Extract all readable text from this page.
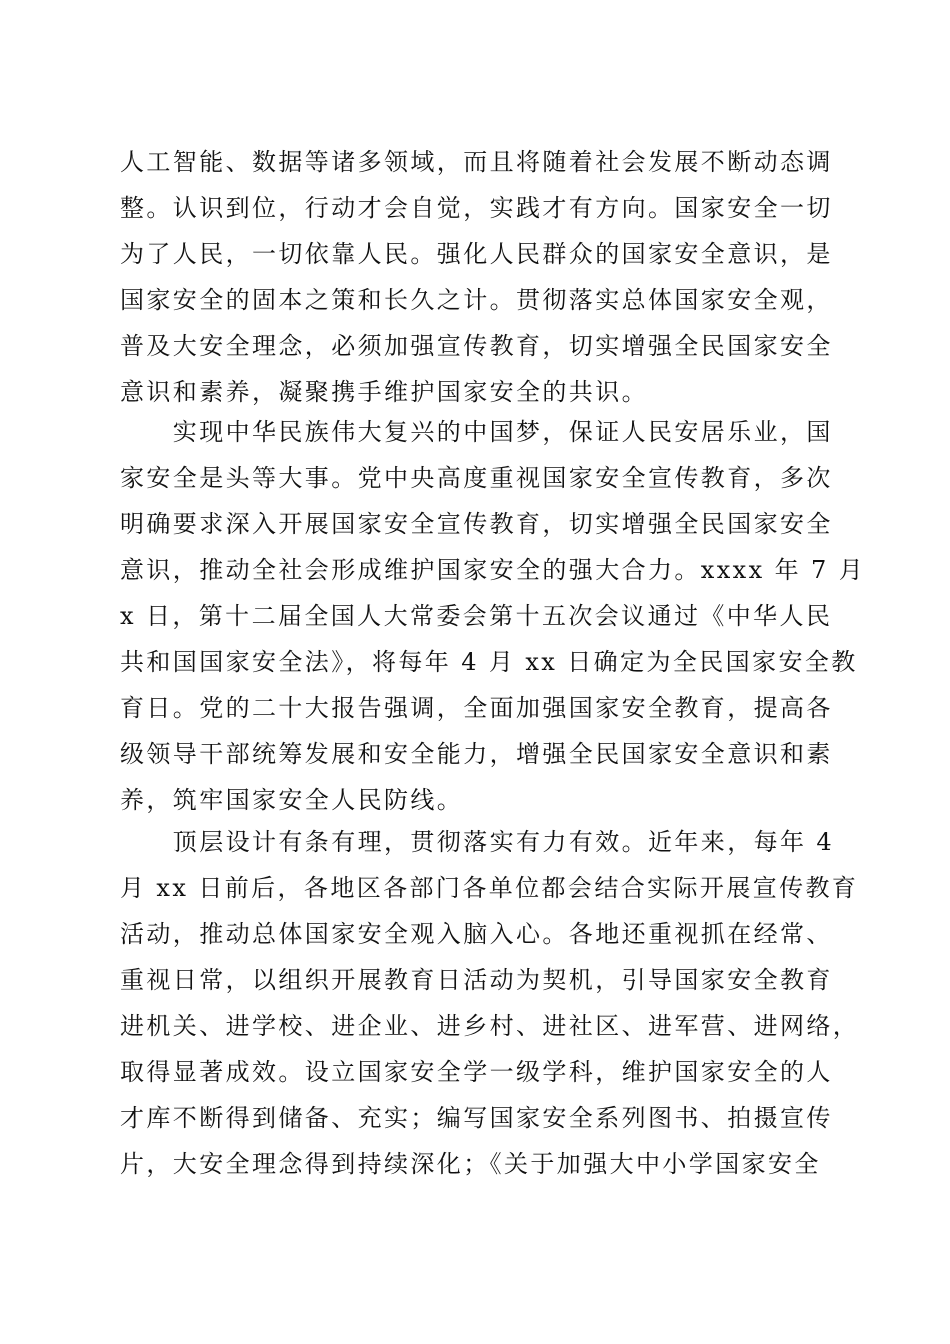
人工智能、数据等诸多领域，而且将随着社会发展不断动态调
整。认识到位，行动才会自觉，实践才有方向。国家安全一切
为了人民，一切依靠人民。强化人民群众的国家安全意识，是
国家安全的固本之策和长久之计。贯彻落实总体国家安全观，
普及大安全理念，必须加强宣传教育，切实增强全民国家安全
意识和素养，凝聚携手维护国家安全的共识。
　　实现中华民族伟大复兴的中国梦，保证人民安居乐业，国
家安全是头等大事。党中央高度重视国家安全宣传教育，多次
明确要求深入开展国家安全宣传教育，切实增强全民国家安全
意识，推动全社会形成维护国家安全的强大合力。xxxx 年 7 月
x 日，第十二届全国人大常委会第十五次会议通过《中华人民
共和国国家安全法》，将每年 4 月 xx 日确定为全民国家安全教
育日。党的二十大报告强调，全面加强国家安全教育，提高各
级领导干部统筹发展和安全能力，增强全民国家安全意识和素
养，筑牢国家安全人民防线。
　　顶层设计有条有理，贯彻落实有力有效。近年来，每年 4
月 xx 日前后，各地区各部门各单位都会结合实际开展宣传教育
活动，推动总体国家安全观入脑入心。各地还重视抓在经常、
重视日常，以组织开展教育日活动为契机，引导国家安全教育
进机关、进学校、进企业、进乡村、进社区、进军营、进网络，
取得显著成效。设立国家安全学一级学科，维护国家安全的人
才库不断得到储备、充实；编写国家安全系列图书、拍摄宣传
片，大安全理念得到持续深化；《关于加强大中小学国家安全
